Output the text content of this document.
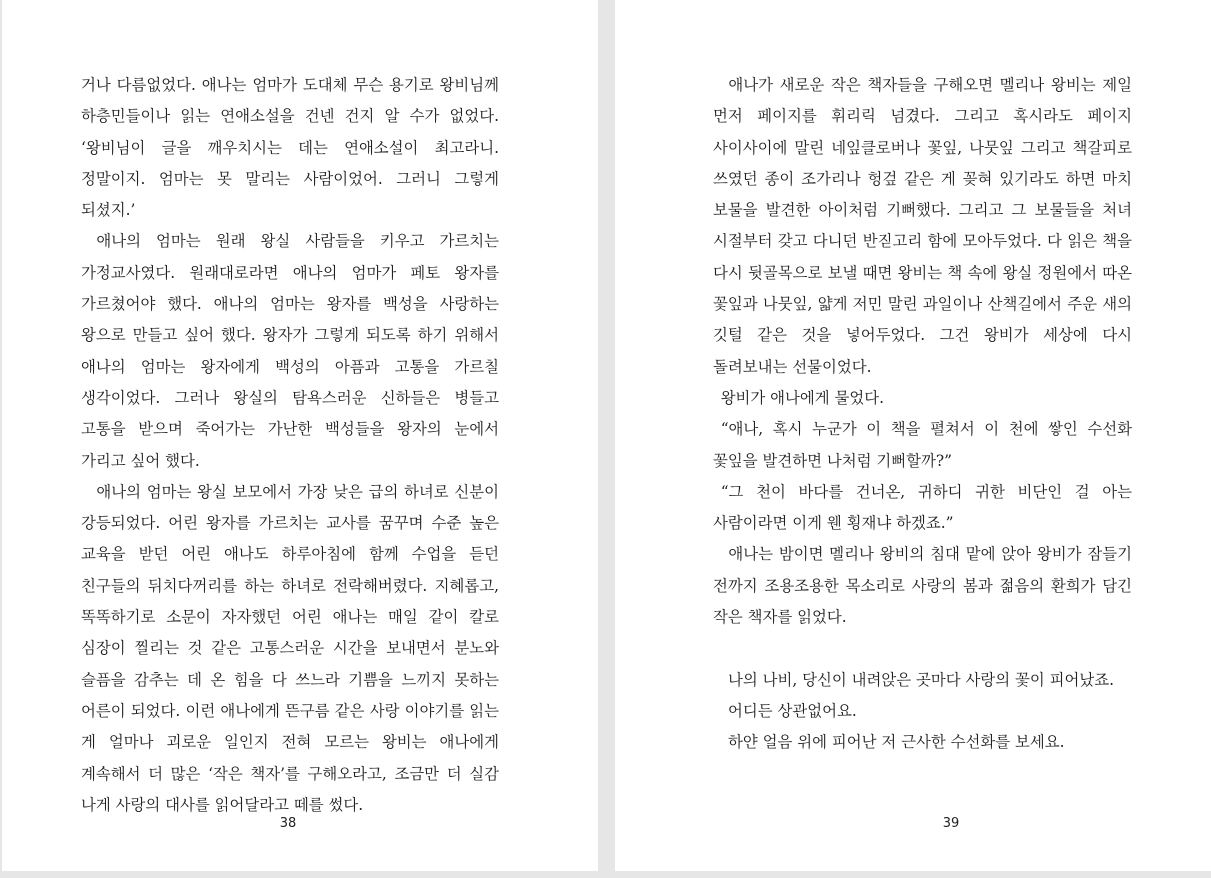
거나 다름없었다. 애나는 엄마가 도대체 무슨 용기로 왕비님께 하층민들이나 읽는 연애소설을 건넨 건지 알 수가 없었다. ‘왕비님이 글을 깨우치시는 데는 연애소설이 최고라니. 정말이지. 엄마는 못 말리는 사람이었어. 그러니 그렇게 되셨지.’

애나의 엄마는 원래 왕실 사람들을 키우고 가르치는 가정교사였다. 원래대로라면 애나의 엄마가 페토 왕자를 가르쳤어야 했다. 애나의 엄마는 왕자를 백성을 사랑하는 왕으로 만들고 싶어 했다. 왕자가 그렇게 되도록 하기 위해서 애나의 엄마는 왕자에게 백성의 아픔과 고통을 가르칠 생각이었다. 그러나 왕실의 탐욕스러운 신하들은 병들고 고통을 받으며 죽어가는 가난한 백성들을 왕자의 눈에서 가리고 싶어 했다.

애나의 엄마는 왕실 보모에서 가장 낮은 급의 하녀로 신분이 강등되었다. 어린 왕자를 가르치는 교사를 꿈꾸며 수준 높은 교육을 받던 어린 애나도 하루아침에 함께 수업을 듣던 친구들의 뒤치다꺼리를 하는 하녀로 전락해버렸다. 지혜롭고, 똑똑하기로 소문이 자자했던 어린 애나는 매일 같이 칼로 심장이 찔리는 것 같은 고통스러운 시간을 보내면서 분노와 슬픔을 감추는 데 온 힘을 다 쓰느라 기쁨을 느끼지 못하는 어른이 되었다. 이런 애나에게 뜬구름 같은 사랑 이야기를 읽는 게 얼마나 괴로운 일인지 전혀 모르는 왕비는 애나에게 계속해서 더 많은 ‘작은 책자’를 구해오라고, 조금만 더 실감 나게 사랑의 대사를 읽어달라고 떼를 썼다.

38

애나가 새로운 작은 책자들을 구해오면 멜리나 왕비는 제일 먼저 페이지를 휘리릭 넘겼다. 그리고 혹시라도 페이지 사이사이에 말린 네잎클로버나 꽃잎, 나뭇잎 그리고 책갈피로 쓰였던 종이 조가리나 헝겊 같은 게 꽂혀 있기라도 하면 마치 보물을 발견한 아이처럼 기뻐했다. 그리고 그 보물들을 처녀 시절부터 갖고 다니던 반짇고리 함에 모아두었다. 다 읽은 책을 다시 뒷골목으로 보낼 때면 왕비는 책 속에 왕실 정원에서 따온 꽃잎과 나뭇잎, 얇게 저민 말린 과일이나 산책길에서 주운 새의 깃털 같은 것을 넣어두었다. 그건 왕비가 세상에 다시 돌려보내는 선물이었다.

왕비가 애나에게 물었다.

“애나, 혹시 누군가 이 책을 펼쳐서 이 천에 쌓인 수선화 꽃잎을 발견하면 나처럼 기뻐할까?”

“그 천이 바다를 건너온, 귀하디 귀한 비단인 걸 아는 사람이라면 이게 웬 횡재냐 하겠죠.”

애나는 밤이면 멜리나 왕비의 침대 맡에 앉아 왕비가 잠들기 전까지 조용조용한 목소리로 사랑의 봄과 젊음의 환희가 담긴 작은 책자를 읽었다.

나의 나비, 당신이 내려앉은 곳마다 사랑의 꽃이 피어났죠.

어디든 상관없어요.

하얀 얼음 위에 피어난 저 근사한 수선화를 보세요.

39
